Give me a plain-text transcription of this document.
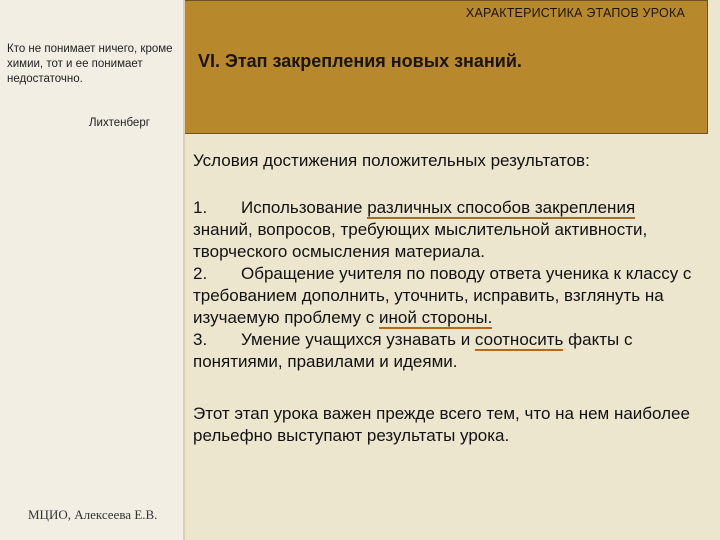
Кто не понимает ничего, кроме химии, тот и ее понимает недостаточно.
Лихтенберг
МЦИО, Алексеева Е.В.
ХАРАКТЕРИСТИКА ЭТАПОВ УРОКА
VI. Этап закрепления новых знаний.

Условия достижения положительных результатов:

1. Использование различных способов закрепления знаний, вопросов, требующих мыслительной активности, творческого осмысления материала.

2. Обращение учителя по поводу ответа ученика к классу с требованием дополнить, уточнить, исправить, взглянуть на изучаемую проблему с иной стороны.

3. Умение учащихся узнавать и соотносить факты с понятиями, правилами и идеями.

Этот этап урока важен прежде всего тем, что на нем наиболее рельефно выступают результаты урока.
